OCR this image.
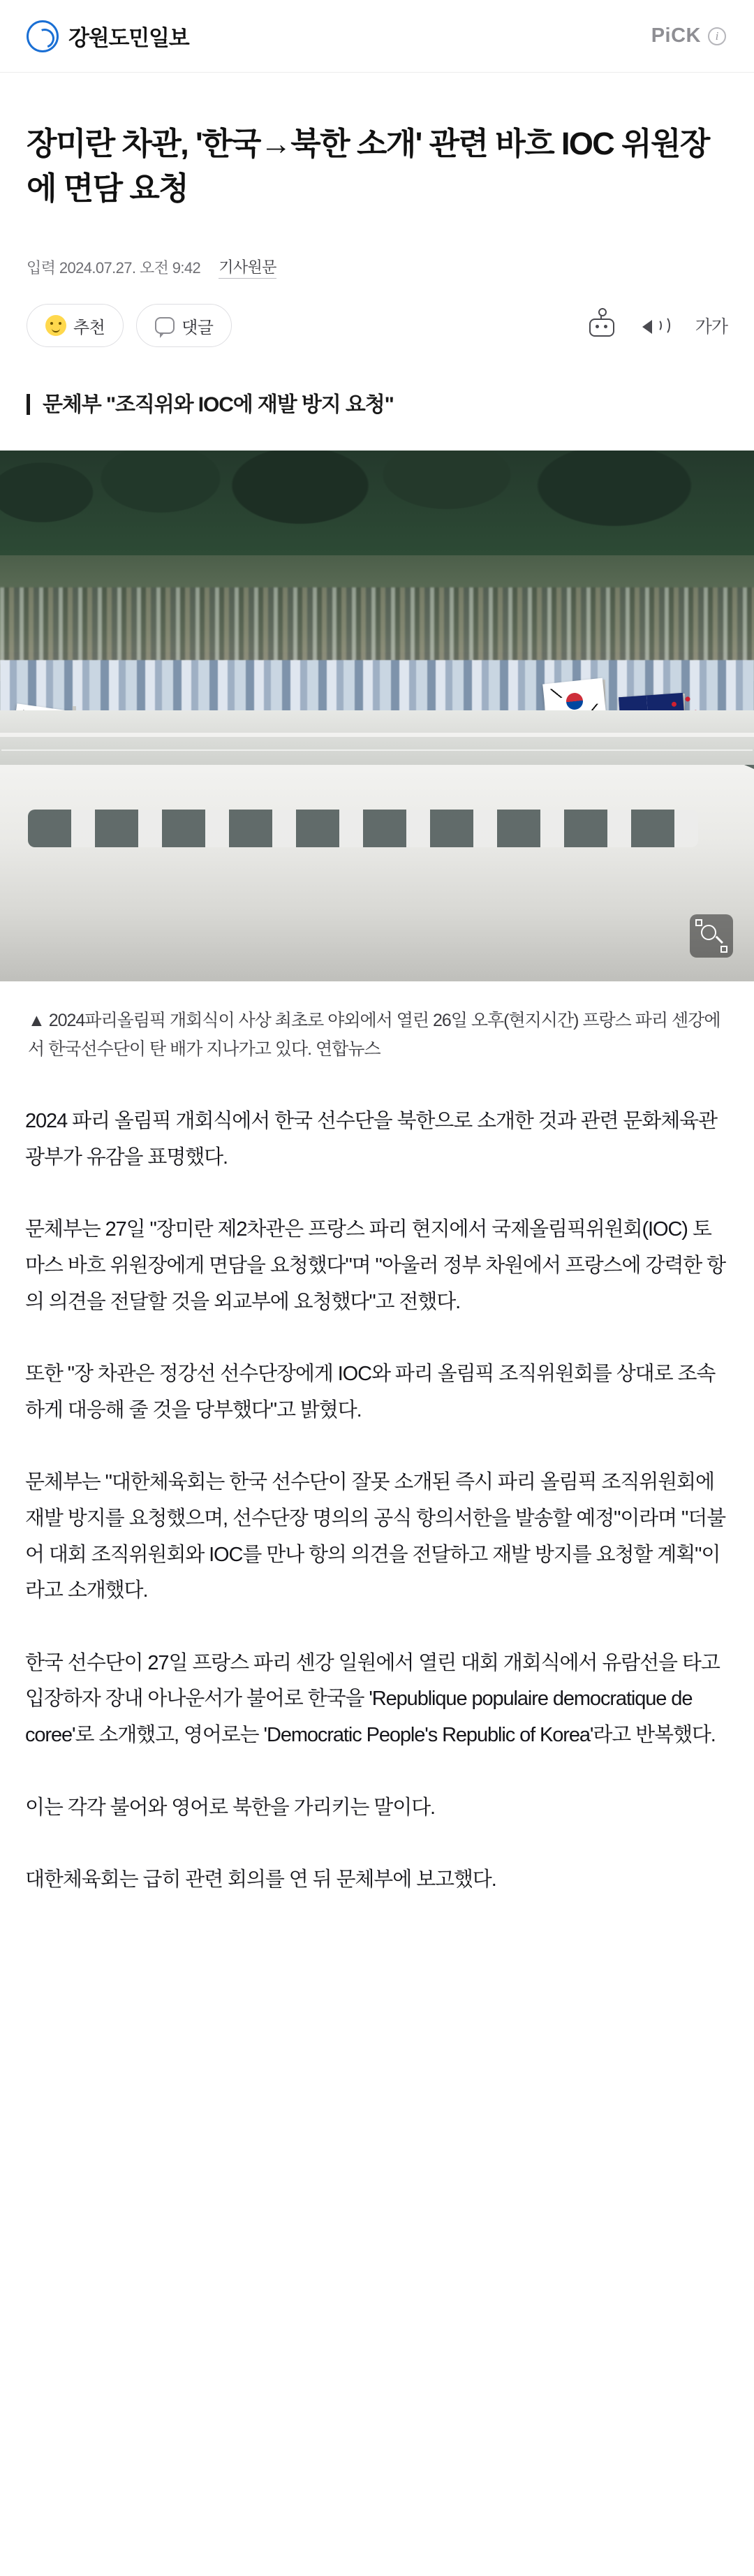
강원도민일보	PiCK	i
장미란 차관, '한국→북한 소개' 관련 바흐 IOC 위원장에 면담 요청
입력 2024.07.27. 오전 9:42 기사원문
추천	댓글	가가
문체부 "조직위와 IOC에 재발 방지 요청"
▲ 2024파리올림픽 개회식이 사상 최초로 야외에서 열린 26일 오후(현지시간) 프랑스 파리 센강에서 한국선수단이 탄 배가 지나가고 있다. 연합뉴스

2024 파리 올림픽 개회식에서 한국 선수단을 북한으로 소개한 것과 관련 문화체육관광부가 유감을 표명했다.

문체부는 27일 "장미란 제2차관은 프랑스 파리 현지에서 국제올림픽위원회(IOC) 토마스 바흐 위원장에게 면담을 요청했다"며 "아울러 정부 차원에서 프랑스에 강력한 항의 의견을 전달할 것을 외교부에 요청했다"고 전했다.

또한 "장 차관은 정강선 선수단장에게 IOC와 파리 올림픽 조직위원회를 상대로 조속하게 대응해 줄 것을 당부했다"고 밝혔다.

문체부는 "대한체육회는 한국 선수단이 잘못 소개된 즉시 파리 올림픽 조직위원회에 재발 방지를 요청했으며, 선수단장 명의의 공식 항의서한을 발송할 예정"이라며 "더불어 대회 조직위원회와 IOC를 만나 항의 의견을 전달하고 재발 방지를 요청할 계획"이라고 소개했다.

한국 선수단이 27일 프랑스 파리 센강 일원에서 열린 대회 개회식에서 유람선을 타고 입장하자 장내 아나운서가 불어로 한국을 'Republique populaire democratique de coree'로 소개했고, 영어로는 'Democratic People's Republic of Korea'라고 반복했다.

이는 각각 불어와 영어로 북한을 가리키는 말이다.

대한체육회는 급히 관련 회의를 연 뒤 문체부에 보고했다.
